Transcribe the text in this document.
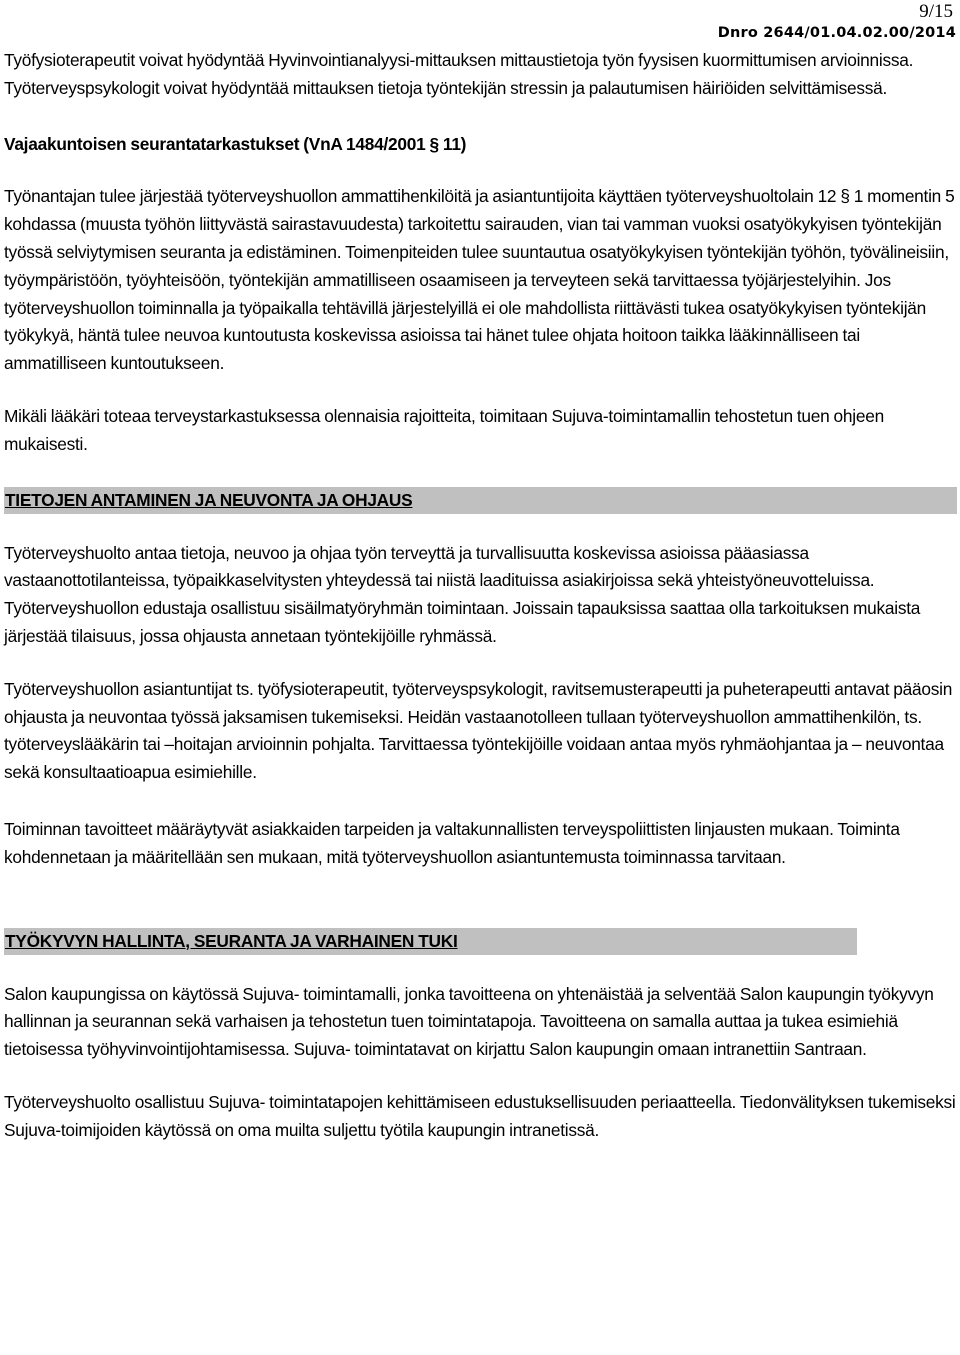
9/15
Dnro 2644/01.04.02.00/2014

Työfysioterapeutit voivat hyödyntää Hyvinvointianalyysi-mittauksen mittaustietoja työn fyysisen kuormittumisen arvioinnissa. Työterveyspsykologit voivat hyödyntää mittauksen tietoja työntekijän stressin ja palautumisen häiriöiden selvittämisessä.

Vajaakuntoisen seurantatarkastukset (VnA 1484/2001 § 11)

Työnantajan tulee järjestää työterveyshuollon ammattihenkilöitä ja asiantuntijoita käyttäen työterveyshuoltolain 12 § 1 momentin 5 kohdassa (muusta työhön liittyvästä sairastavuudesta) tarkoitettu sairauden, vian tai vamman vuoksi osatyökykyisen työntekijän työssä selviytymisen seuranta ja edistäminen. Toimenpiteiden tulee suuntautua osatyökykyisen työntekijän työhön, työvälineisiin, työympäristöön, työyhteisöön, työntekijän ammatilliseen osaamiseen ja terveyteen sekä tarvittaessa työjärjestelyihin. Jos työterveyshuollon toiminnalla ja työpaikalla tehtävillä järjestelyillä ei ole mahdollista riittävästi tukea osatyökykyisen työntekijän työkykyä, häntä tulee neuvoa kuntoutusta koskevissa asioissa tai hänet tulee ohjata hoitoon taikka lääkinnälliseen tai ammatilliseen kuntoutukseen.

Mikäli lääkäri toteaa terveystarkastuksessa olennaisia rajoitteita, toimitaan Sujuva-toimintamallin tehostetun tuen ohjeen mukaisesti.

TIETOJEN ANTAMINEN JA NEUVONTA JA OHJAUS

Työterveyshuolto antaa tietoja, neuvoo ja ohjaa työn terveyttä ja turvallisuutta koskevissa asioissa pääasiassa vastaanottotilanteissa, työpaikkaselvitysten yhteydessä tai niistä laadituissa asiakirjoissa sekä yhteistyöneuvotteluissa. Työterveyshuollon edustaja osallistuu sisäilmatyöryhmän toimintaan. Joissain tapauksissa saattaa olla tarkoituksen mukaista järjestää tilaisuus, jossa ohjausta annetaan työntekijöille ryhmässä.

Työterveyshuollon asiantuntijat ts. työfysioterapeutit, työterveyspsykologit, ravitsemusterapeutti ja puheterapeutti antavat pääosin ohjausta ja neuvontaa työssä jaksamisen tukemiseksi. Heidän vastaanotolleen tullaan työterveyshuollon ammattihenkilön, ts. työterveyslääkärin tai –hoitajan arvioinnin pohjalta. Tarvittaessa työntekijöille voidaan antaa myös ryhmäohjantaa ja – neuvontaa sekä konsultaatioapua esimiehille.

Toiminnan tavoitteet määräytyvät asiakkaiden tarpeiden ja valtakunnallisten terveyspoliittisten linjausten mukaan. Toiminta kohdennetaan ja määritellään sen mukaan, mitä työterveyshuollon asiantuntemusta toiminnassa tarvitaan.

TYÖKYVYN HALLINTA, SEURANTA JA VARHAINEN TUKI

Salon kaupungissa on käytössä Sujuva- toimintamalli, jonka tavoitteena on yhtenäistää ja selventää Salon kaupungin työkyvyn hallinnan ja seurannan sekä varhaisen ja tehostetun tuen toimintatapoja. Tavoitteena on samalla auttaa ja tukea esimiehiä tietoisessa työhyvinvointijohtamisessa. Sujuva- toimintatavat on kirjattu Salon kaupungin omaan intranettiin Santraan.

Työterveyshuolto osallistuu Sujuva- toimintatapojen kehittämiseen edustuksellisuuden periaatteella. Tiedonvälityksen tukemiseksi Sujuva-toimijoiden käytössä on oma muilta suljettu työtila kaupungin intranetissä.
